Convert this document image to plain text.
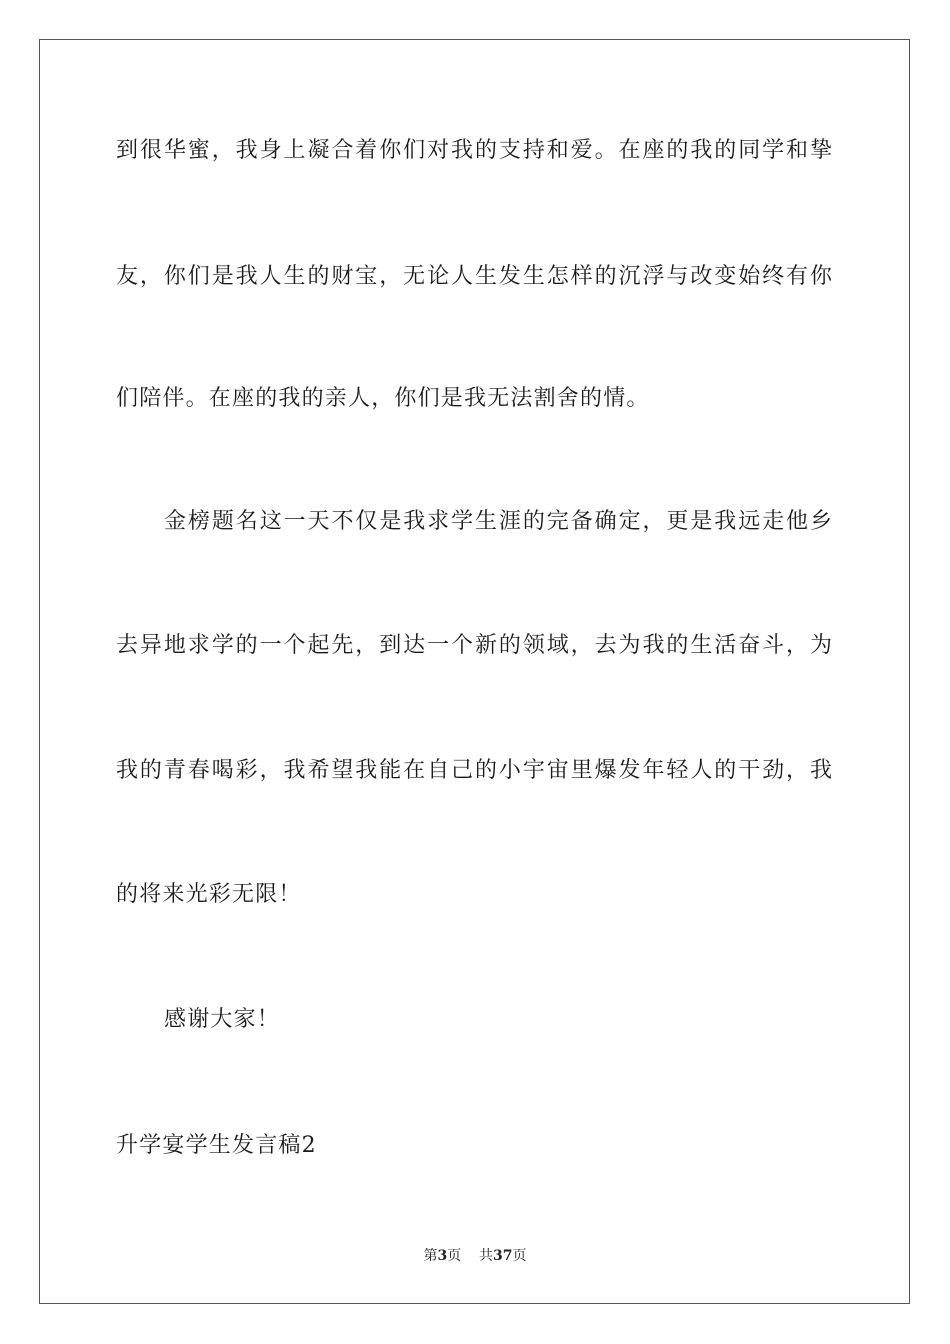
到很华蜜，我身上凝合着你们对我的支持和爱。在座的我的同学和挚
友，你们是我人生的财宝，无论人生发生怎样的沉浮与改变始终有你
们陪伴。在座的我的亲人，你们是我无法割舍的情。
金榜题名这一天不仅是我求学生涯的完备确定，更是我远走他乡
去异地求学的一个起先，到达一个新的领域，去为我的生活奋斗，为
我的青春喝彩，我希望我能在自己的小宇宙里爆发年轻人的干劲，我
的将来光彩无限！
感谢大家！
升学宴学生发言稿2
第3页 共37页
